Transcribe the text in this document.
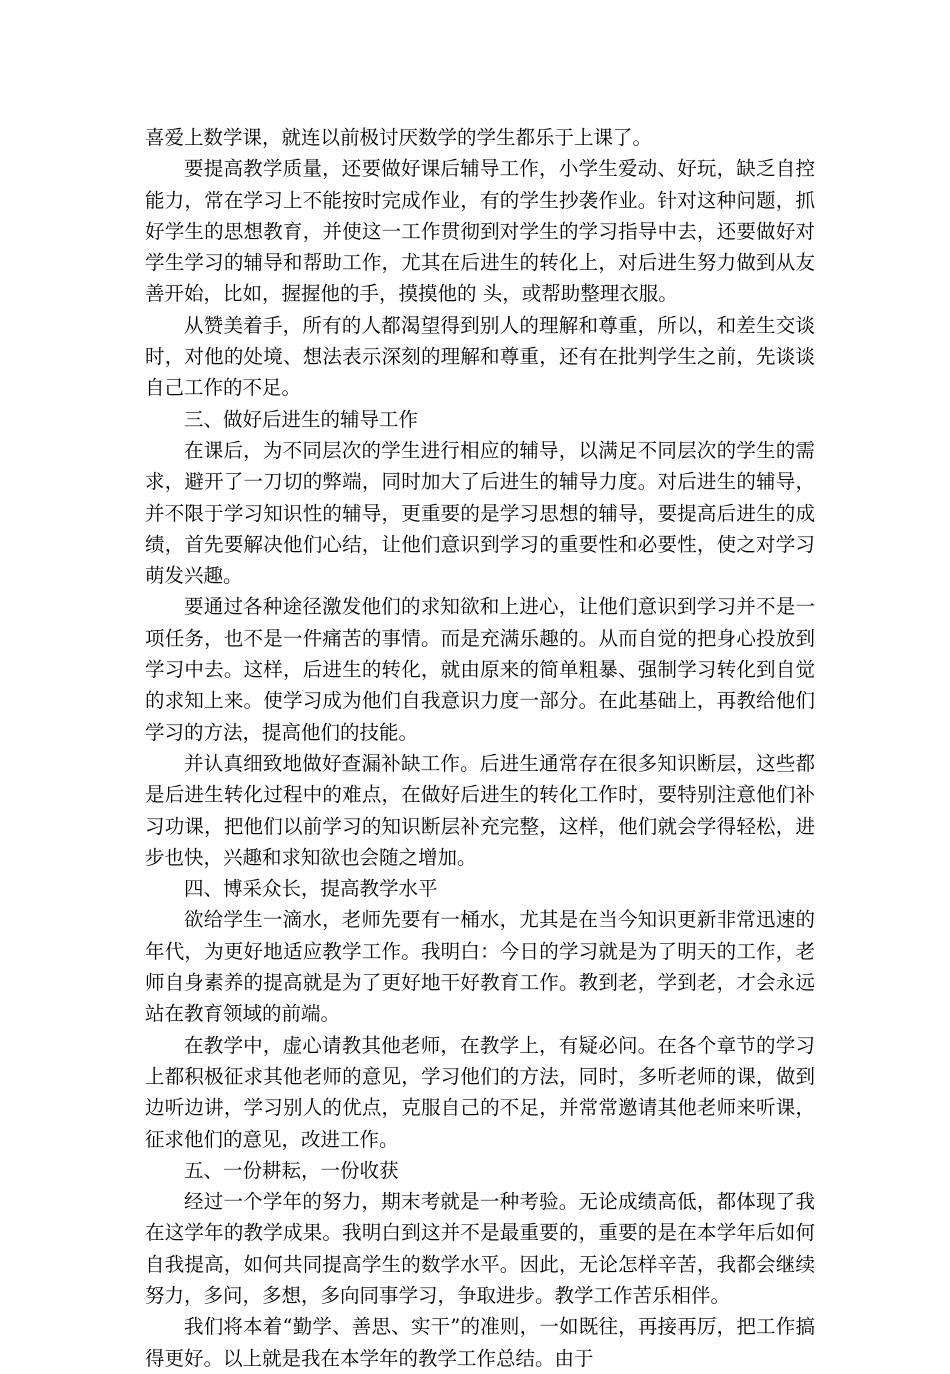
喜爱上数学课，就连以前极讨厌数学的学生都乐于上课了。

要提高教学质量，还要做好课后辅导工作，小学生爱动、好玩，缺乏自控能力，常在学习上不能按时完成作业，有的学生抄袭作业。针对这种问题，抓好学生的思想教育，并使这一工作贯彻到对学生的学习指导中去，还要做好对学生学习的辅导和帮助工作，尤其在后进生的转化上，对后进生努力做到从友善开始，比如，握握他的手，摸摸他的 头，或帮助整理衣服。

从赞美着手，所有的人都渴望得到别人的理解和尊重，所以，和差生交谈时，对他的处境、想法表示深刻的理解和尊重，还有在批判学生之前，先谈谈自己工作的不足。

三、做好后进生的辅导工作

在课后，为不同层次的学生进行相应的辅导，以满足不同层次的学生的需求，避开了一刀切的弊端，同时加大了后进生的辅导力度。对后进生的辅导，并不限于学习知识性的辅导，更重要的是学习思想的辅导，要提高后进生的成绩，首先要解决他们心结，让他们意识到学习的重要性和必要性，使之对学习萌发兴趣。

要通过各种途径激发他们的求知欲和上进心，让他们意识到学习并不是一项任务，也不是一件痛苦的事情。而是充满乐趣的。从而自觉的把身心投放到学习中去。这样，后进生的转化，就由原来的简单粗暴、强制学习转化到自觉的求知上来。使学习成为他们自我意识力度一部分。在此基础上，再教给他们学习的方法，提高他们的技能。

并认真细致地做好查漏补缺工作。后进生通常存在很多知识断层，这些都是后进生转化过程中的难点，在做好后进生的转化工作时，要特别注意他们补习功课，把他们以前学习的知识断层补充完整，这样，他们就会学得轻松，进步也快，兴趣和求知欲也会随之增加。

四、博采众长，提高教学水平

欲给学生一滴水，老师先要有一桶水，尤其是在当今知识更新非常迅速的年代，为更好地适应教学工作。我明白：今日的学习就是为了明天的工作，老师自身素养的提高就是为了更好地干好教育工作。教到老，学到老，才会永远站在教育领域的前端。

在教学中，虚心请教其他老师，在教学上，有疑必问。在各个章节的学习上都积极征求其他老师的意见，学习他们的方法，同时，多听老师的课，做到边听边讲，学习别人的优点，克服自己的不足，并常常邀请其他老师来听课，征求他们的意见，改进工作。

五、一份耕耘，一份收获

经过一个学年的努力，期末考就是一种考验。无论成绩高低，都体现了我在这学年的教学成果。我明白到这并不是最重要的，重要的是在本学年后如何自我提高，如何共同提高学生的数学水平。因此，无论怎样辛苦，我都会继续努力，多问，多想，多向同事学习，争取进步。教学工作苦乐相伴。

我们将本着“勤学、善思、实干”的准则，一如既往，再接再厉，把工作搞得更好。以上就是我在本学年的教学工作总结。由于
